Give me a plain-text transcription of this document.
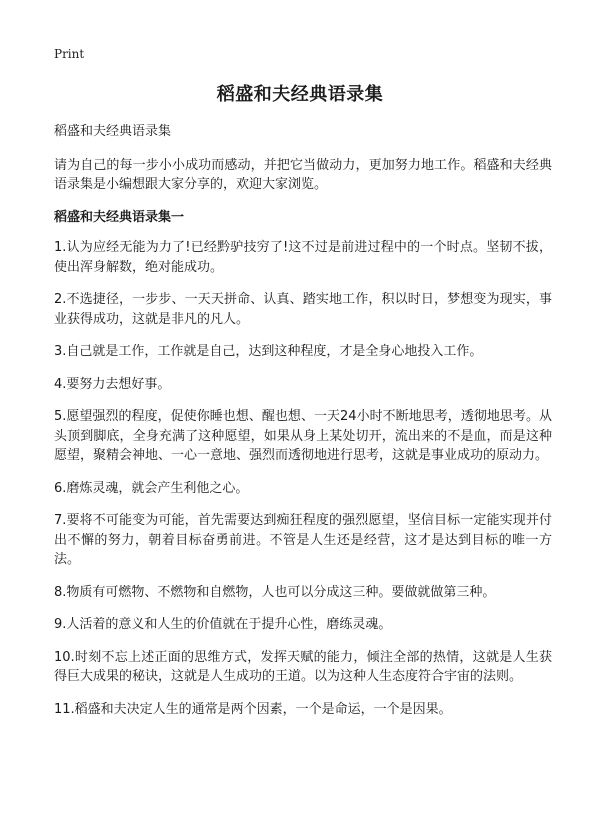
Print
稻盛和夫经典语录集

稻盛和夫经典语录集

请为自己的每一步小小成功而感动，并把它当做动力，更加努力地工作。稻盛和夫经典语录集是小编想跟大家分享的，欢迎大家浏览。

稻盛和夫经典语录集一

1.认为应经无能为力了!已经黔驴技穷了!这不过是前进过程中的一个时点。坚韧不拔，使出浑身解数，绝对能成功。

2.不选捷径，一步步、一天天拼命、认真、踏实地工作，积以时日，梦想变为现实，事业获得成功，这就是非凡的凡人。

3.自己就是工作，工作就是自己，达到这种程度，才是全身心地投入工作。

4.要努力去想好事。

5.愿望强烈的程度，促使你睡也想、醒也想、一天24小时不断地思考，透彻地思考。从头顶到脚底，全身充满了这种愿望，如果从身上某处切开，流出来的不是血，而是这种愿望，聚精会神地、一心一意地、强烈而透彻地进行思考，这就是事业成功的原动力。

6.磨炼灵魂，就会产生利他之心。

7.要将不可能变为可能，首先需要达到痴狂程度的强烈愿望，坚信目标一定能实现并付出不懈的努力，朝着目标奋勇前进。不管是人生还是经营，这才是达到目标的唯一方法。

8.物质有可燃物、不燃物和自燃物，人也可以分成这三种。要做就做第三种。

9.人活着的意义和人生的价值就在于提升心性，磨练灵魂。

10.时刻不忘上述正面的思维方式，发挥天赋的能力，倾注全部的热情，这就是人生获得巨大成果的秘诀，这就是人生成功的王道。以为这种人生态度符合宇宙的法则。

11.稻盛和夫决定人生的通常是两个因素，一个是命运，一个是因果。
